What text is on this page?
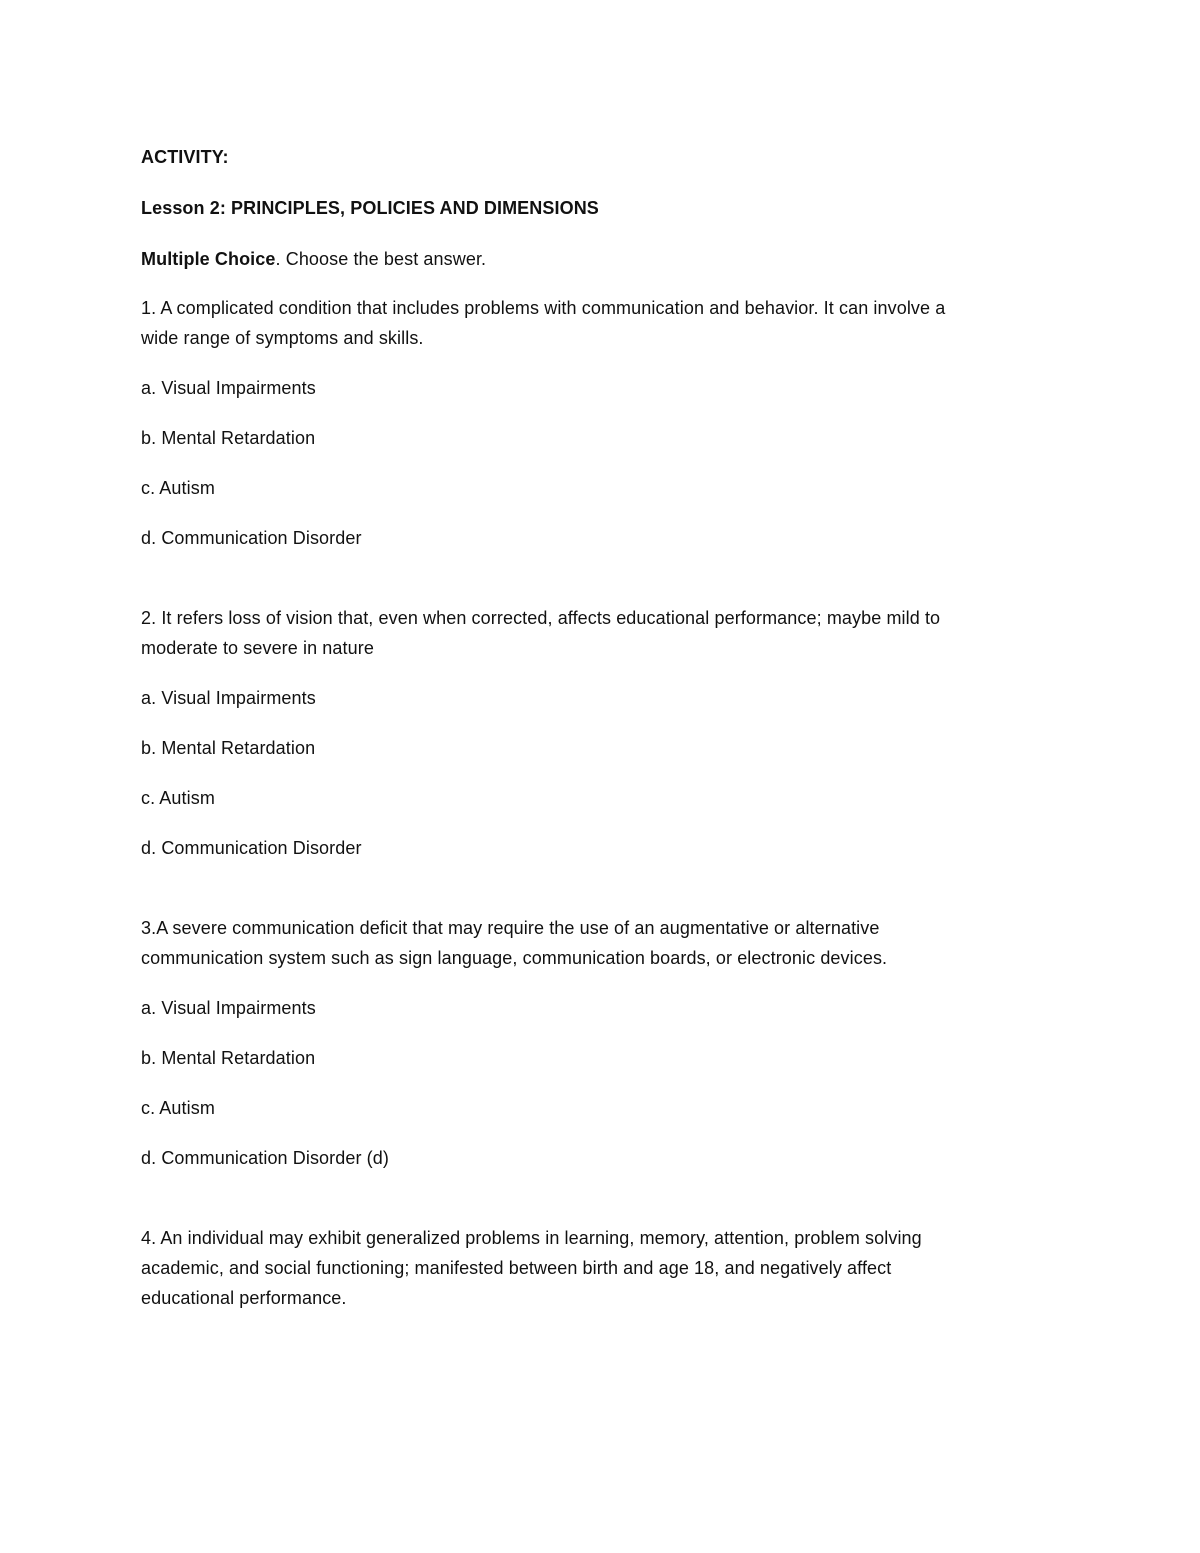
ACTIVITY:

Lesson 2: PRINCIPLES, POLICIES AND DIMENSIONS

Multiple Choice. Choose the best answer.

1. A complicated condition that includes problems with communication and behavior. It can involve a
wide range of symptoms and skills.

a. Visual Impairments

b. Mental Retardation

c. Autism

d. Communication Disorder

2. It refers loss of vision that, even when corrected, affects educational performance; maybe mild to
moderate to severe in nature

a. Visual Impairments

b. Mental Retardation

c. Autism

d. Communication Disorder

3.A severe communication deficit that may require the use of an augmentative or alternative
communication system such as sign language, communication boards, or electronic devices.

a. Visual Impairments

b. Mental Retardation

c. Autism

d. Communication Disorder (d)

4. An individual may exhibit generalized problems in learning, memory, attention, problem solving
academic, and social functioning; manifested between birth and age 18, and negatively affect
educational performance.
